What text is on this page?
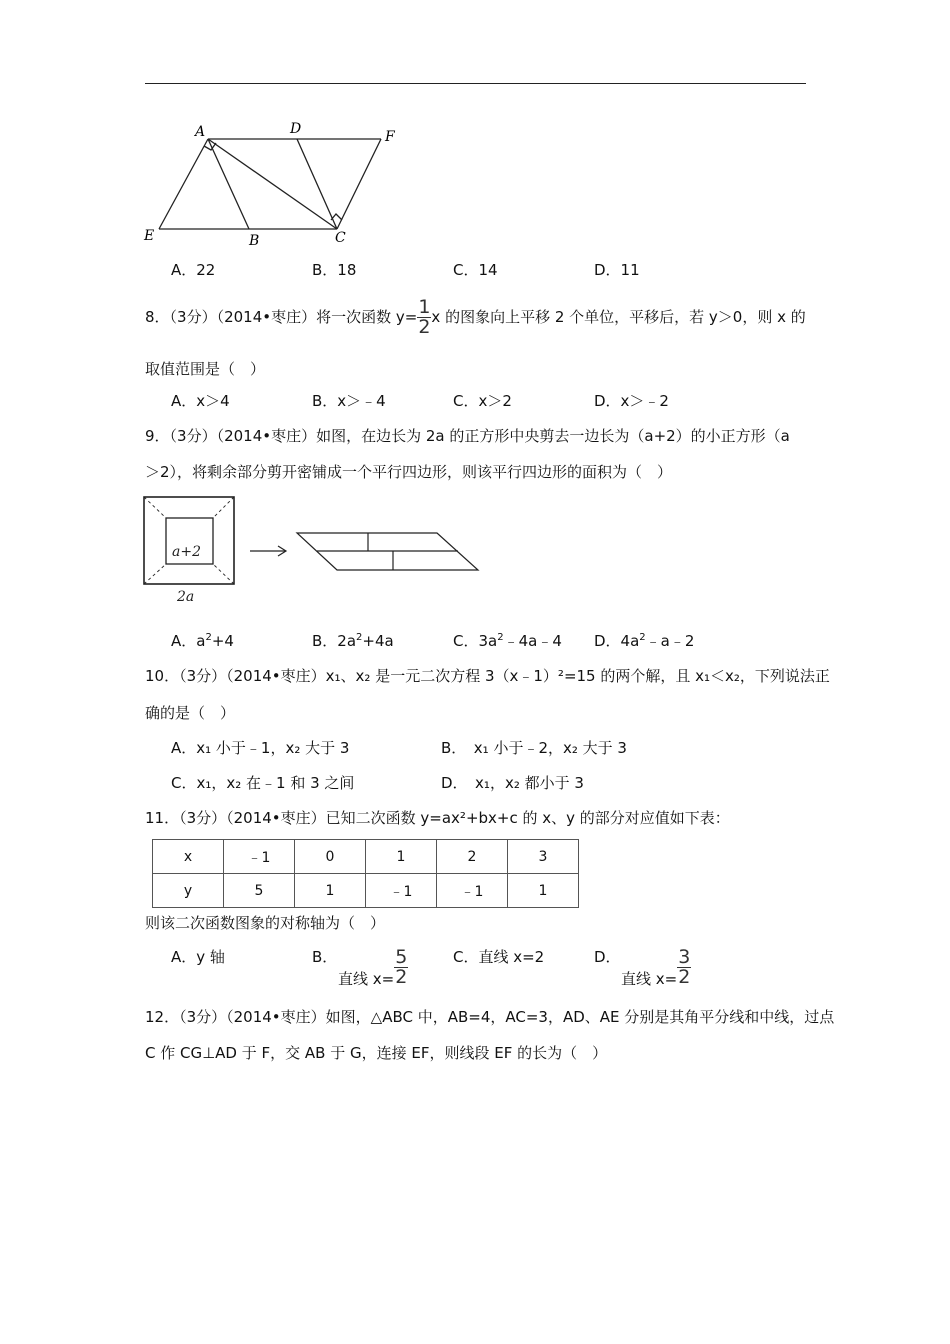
A	D	F
E	B	C
A．22	B．18	C．14	D．11
8．（3分）（2014•枣庄）将一次函数 $y= \frac{1}{2}$ x 的图象向上平移 2 个单位，平移后，若 y＞0，则 x 的
取值范围是（　）
A．x＞4	B．x＞﹣4	C．x＞2	D．x＞﹣2
9．（3分）（2014•枣庄）如图，在边长为 2a 的正方形中央剪去一边长为（a+2）的小正方形（a
＞2），将剩余部分剪开密铺成一个平行四边形，则该平行四边形的面积为（　）
a+2
2a
A．$a^2+4$	B．$2a^2+4a$	C．$3a^2﹣4a﹣4$ D．$4a^2﹣a﹣2$
10．（3分）（2014•枣庄）x₁、x₂ 是一元二次方程 3（x﹣1）²=15 的两个解，且 x₁＜x₂，下列说法正
确的是（　）
A．x₁ 小于﹣1，x₂ 大于 3	B．　x₁ 小于﹣2，x₂ 大于 3
C．x₁，x₂ 在﹣1 和 3 之间	D．　x₁，x₂ 都小于 3
11．（3分）（2014•枣庄）已知二次函数 y=ax²+bx+c 的 x、y 的部分对应值如下表：
x	﹣1	0	1	2	3
y	5	1	﹣1	﹣1	1
则该二次函数图象的对称轴为（　）
A．y 轴	B．
直线 $x= \frac{5}{2}$	C．直线 x=2	D．
直线 $x= \frac{3}{2}$
12．（3分）（2014•枣庄）如图，△ABC 中，AB=4，AC=3，AD、AE 分别是其角平分线和中线，过点
C 作 CG⊥AD 于 F，交 AB 于 G，连接 EF，则线段 EF 的长为（　）
